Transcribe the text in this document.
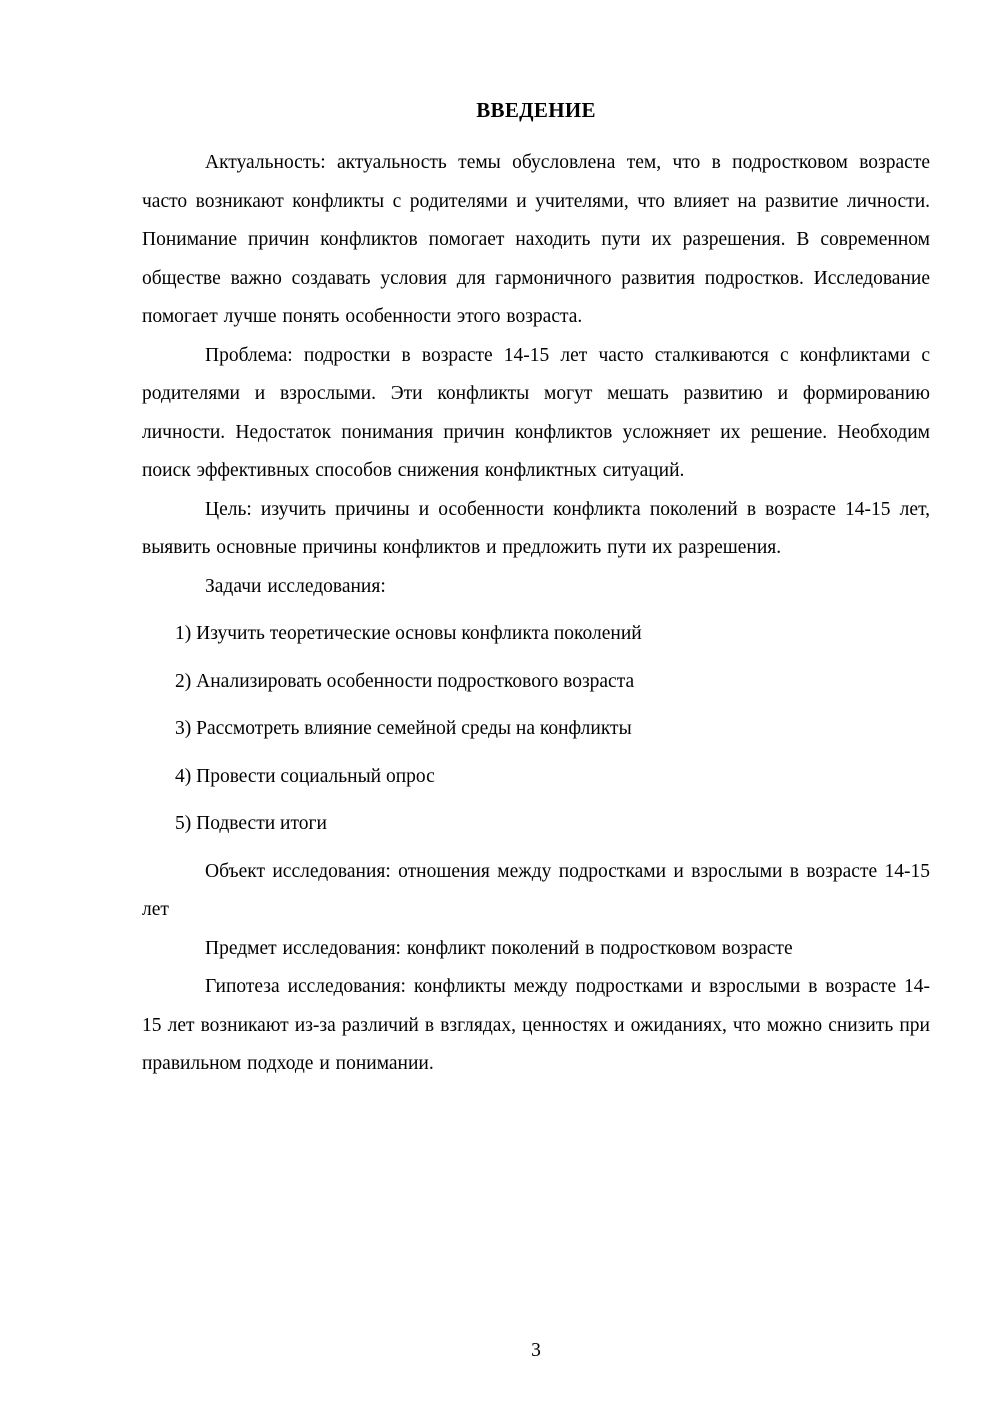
ВВЕДЕНИЕ

Актуальность: актуальность темы обусловлена тем, что в подростковом возрасте часто возникают конфликты с родителями и учителями, что влияет на развитие личности. Понимание причин конфликтов помогает находить пути их разрешения. В современном обществе важно создавать условия для гармоничного развития подростков. Исследование помогает лучше понять особенности этого возраста.

Проблема: подростки в возрасте 14-15 лет часто сталкиваются с конфликтами с родителями и взрослыми. Эти конфликты могут мешать развитию и формированию личности. Недостаток понимания причин конфликтов усложняет их решение. Необходим поиск эффективных способов снижения конфликтных ситуаций.

Цель: изучить причины и особенности конфликта поколений в возрасте 14-15 лет, выявить основные причины конфликтов и предложить пути их разрешения.

Задачи исследования:

1) Изучить теоретические основы конфликта поколений
2) Анализировать особенности подросткового возраста
3) Рассмотреть влияние семейной среды на конфликты
4) Провести социальный опрос
5) Подвести итоги

Объект исследования: отношения между подростками и взрослыми в возрасте 14-15 лет

Предмет исследования: конфликт поколений в подростковом возрасте

Гипотеза исследования: конфликты между подростками и взрослыми в возрасте 14-15 лет возникают из-за различий в взглядах, ценностях и ожиданиях, что можно снизить при правильном подходе и понимании.

3
